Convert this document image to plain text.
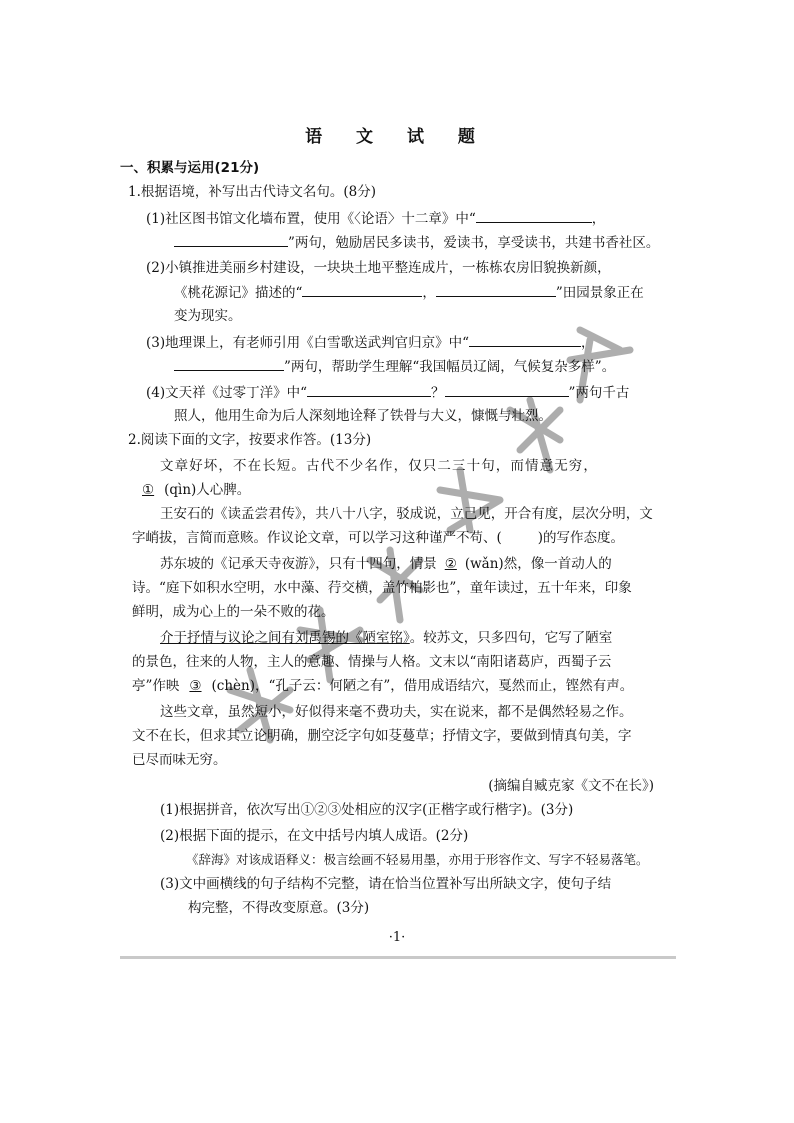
语 文 试 题
一、积累与运用(21分)
1.根据语境，补写出古代诗文名句。(8分)
(1)社区图书馆文化墙布置，使用《〈论语〉十二章》中“	，
”两句，勉励居民多读书，爱读书，享受读书，共建书香社区。
(2)小镇推进美丽乡村建设，一块块土地平整连成片，一栋栋农房旧貌换新颜，
《桃花源记》描述的“	，	”田园景象正在
变为现实。
(3)地理课上，有老师引用《白雪歌送武判官归京》中“	，
”两句，帮助学生理解“我国幅员辽阔，气候复杂多样”。
(4)文天祥《过零丁洋》中“	？	”两句千古
照人，他用生命为后人深刻地诠释了铁骨与大义，慷慨与壮烈。
2.阅读下面的文字，按要求作答。(13分)
文章好坏，不在长短。古代不少名作，仅只二三十句，而情意无穷，
① (qìn)人心脾。
王安石的《读孟尝君传》，共八十八字，驳成说，立己见，开合有度，层次分明，文
字峭拔，言简而意赅。作议论文章，可以学习这种谨严不苟、(	)的写作态度。
苏东坡的《记承天寺夜游》，只有十四句，情景 ② (wǎn)然，像一首动人的
诗。“庭下如积水空明，水中藻、荇交横，盖竹柏影也”，童年读过，五十年来，印象
鲜明，成为心上的一朵不败的花。
介于抒情与议论之间有刘禹锡的《陋室铭》。较苏文，只多四句，它写了陋室
的景色，往来的人物，主人的意趣、情操与人格。文末以“南阳诸葛庐，西蜀子云
亭”作映 ③ (chèn)，“孔子云：何陋之有”，借用成语结穴，戛然而止，铿然有声。
这些文章，虽然短小，好似得来毫不费功夫，实在说来，都不是偶然轻易之作。
文不在长，但求其立论明确，删空泛字句如芟蔓草；抒情文字，要做到情真句美，字
已尽而味无穷。
(摘编自臧克家《文不在长》)
(1)根据拼音，依次写出①②③处相应的汉字(正楷字或行楷字)。(3分)
(2)根据下面的提示，在文中括号内填人成语。(2分)
《辞海》对该成语释义：极言绘画不轻易用墨，亦用于形容作文、写字不轻易落笔。
(3)文中画横线的句子结构不完整，请在恰当位置补写出所缺文字，使句子结
构完整，不得改变原意。(3分)
·1·
